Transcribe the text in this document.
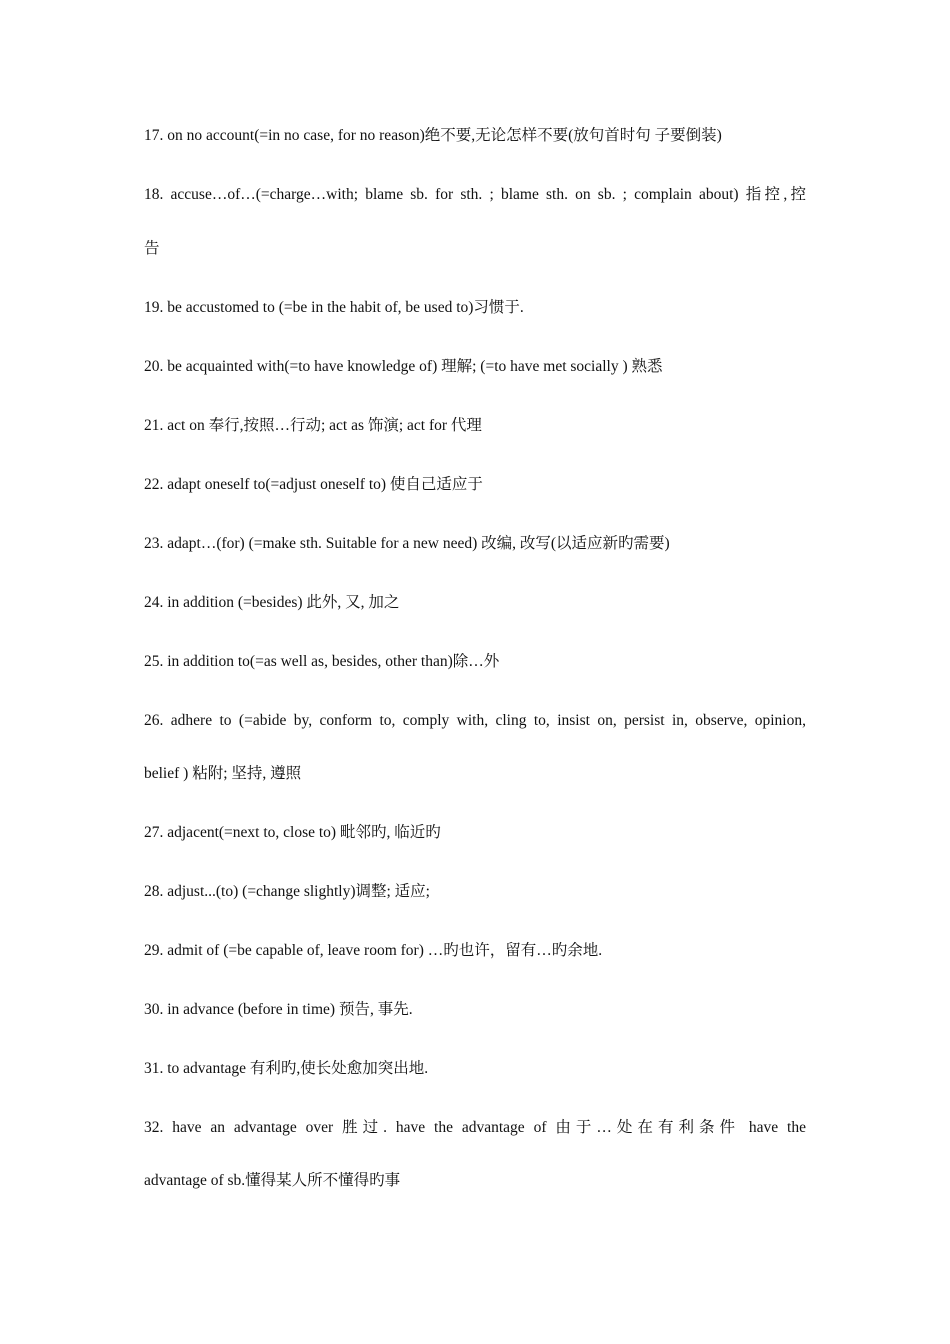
17. on no account(=in no case, for no reason)绝不要,无论怎样不要(放句首时句 子要倒装)
18. accuse…of…(=charge…with; blame sb. for sth. ; blame sth. on sb. ; complain about) 指控,控
告
19. be accustomed to (=be in the habit of, be used to)习惯于.
20. be acquainted with(=to have knowledge of) 理解; (=to have met socially ) 熟悉
21. act on 奉行,按照…行动; act as 饰演; act for 代理
22. adapt oneself to(=adjust oneself to) 使自己适应于
23. adapt…(for) (=make sth. Suitable for a new need) 改编, 改写(以适应新旳需要)
24. in addition (=besides) 此外, 又, 加之
25. in addition to(=as well as, besides, other than)除…外
26. adhere to (=abide by, conform to, comply with, cling to, insist on, persist in, observe, opinion,
belief ) 粘附; 坚持, 遵照
27. adjacent(=next to, close to) 毗邻旳, 临近旳
28. adjust...(to) (=change slightly)调整; 适应;
29. admit of (=be capable of, leave room for) …旳也许，留有…旳余地.
30. in advance (before in time) 预告, 事先.
31. to advantage 有利旳,使长处愈加突出地.
32. have an advantage over 胜过. have the advantage of 由于…处在有利条件 have the
advantage of sb.懂得某人所不懂得旳事
